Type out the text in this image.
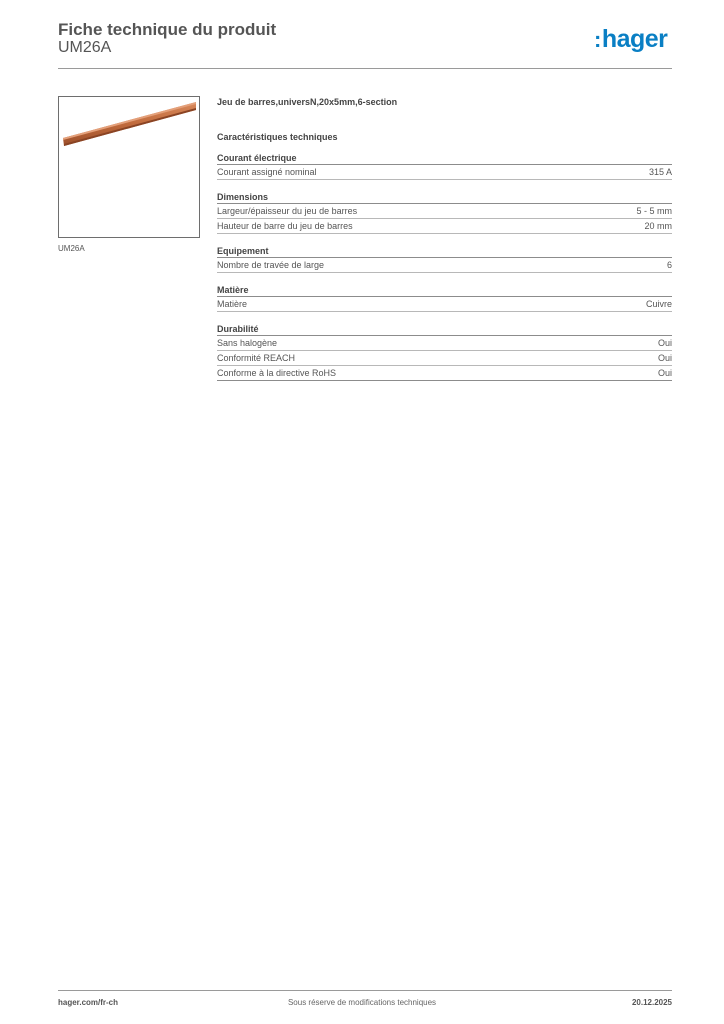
Fiche technique du produit
UM26A	:hager
UM26A
Jeu de barres,universN,20x5mm,6-section
Caractéristiques techniques
Courant électrique
Courant assigné nominal	315 A
Dimensions
Largeur/épaisseur du jeu de barres	5 - 5 mm
Hauteur de barre du jeu de barres	20 mm
Equipement
Nombre de travée de large	6
Matière
Matière	Cuivre
Durabilité
Sans halogène	Oui
Conformité REACH	Oui
Conforme à la directive RoHS	Oui
hager.com/fr-ch	Sous réserve de modifications techniques	20.12.2025
